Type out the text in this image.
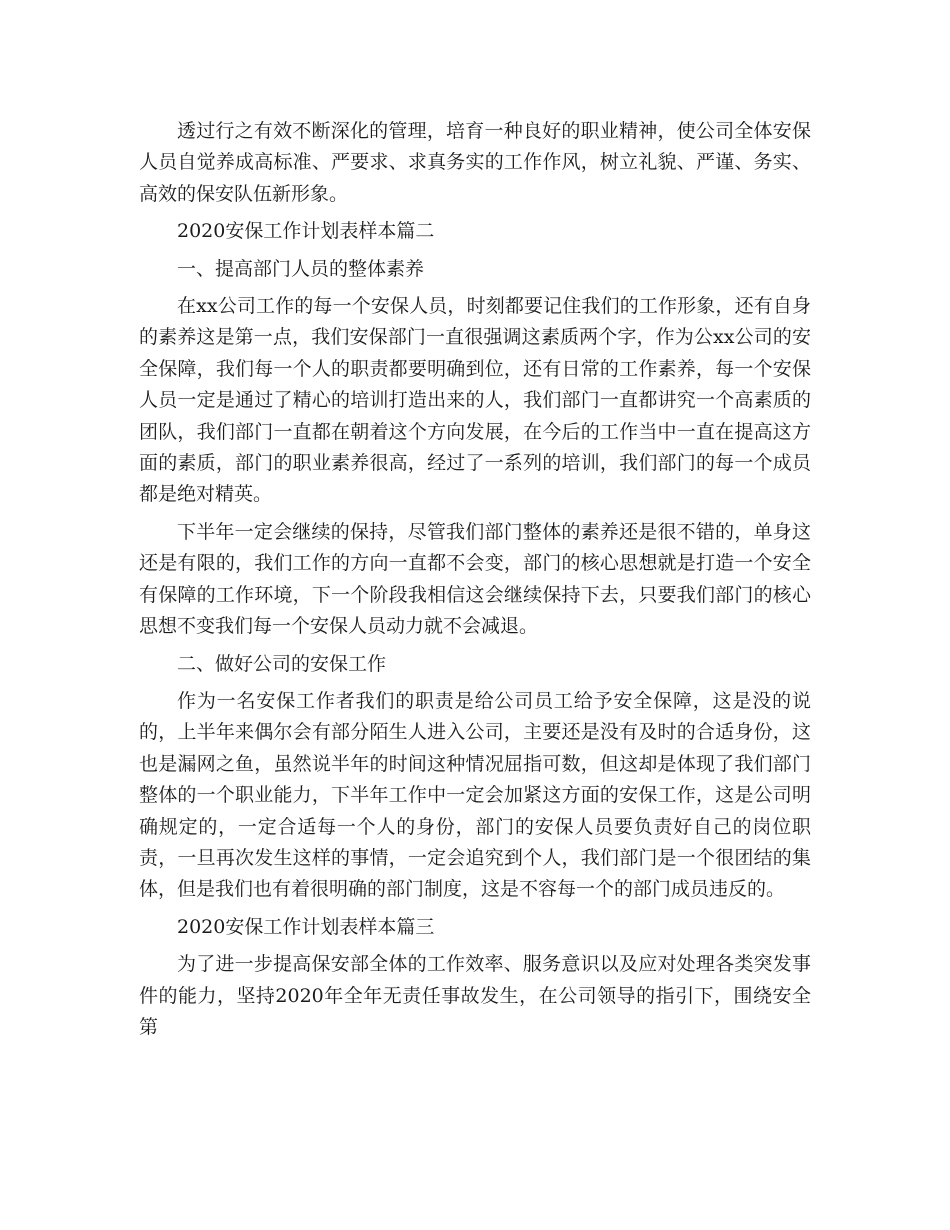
透过行之有效不断深化的管理，培育一种良好的职业精神，使公司全体安保人员自觉养成高标准、严要求、求真务实的工作作风，树立礼貌、严谨、务实、高效的保安队伍新形象。

2020安保工作计划表样本篇二

一、提高部门人员的整体素养

在xx公司工作的每一个安保人员，时刻都要记住我们的工作形象，还有自身的素养这是第一点，我们安保部门一直很强调这素质两个字，作为公xx公司的安全保障，我们每一个人的职责都要明确到位，还有日常的工作素养，每一个安保人员一定是通过了精心的培训打造出来的人，我们部门一直都讲究一个高素质的团队，我们部门一直都在朝着这个方向发展，在今后的工作当中一直在提高这方面的素质，部门的职业素养很高，经过了一系列的培训，我们部门的每一个成员都是绝对精英。

下半年一定会继续的保持，尽管我们部门整体的素养还是很不错的，单身这还是有限的，我们工作的方向一直都不会变，部门的核心思想就是打造一个安全有保障的工作环境，下一个阶段我相信这会继续保持下去，只要我们部门的核心思想不变我们每一个安保人员动力就不会减退。

二、做好公司的安保工作

作为一名安保工作者我们的职责是给公司员工给予安全保障，这是没的说的，上半年来偶尔会有部分陌生人进入公司，主要还是没有及时的合适身份，这也是漏网之鱼，虽然说半年的时间这种情况屈指可数，但这却是体现了我们部门整体的一个职业能力，下半年工作中一定会加紧这方面的安保工作，这是公司明确规定的，一定合适每一个人的身份，部门的安保人员要负责好自己的岗位职责，一旦再次发生这样的事情，一定会追究到个人，我们部门是一个很团结的集体，但是我们也有着很明确的部门制度，这是不容每一个的部门成员违反的。

2020安保工作计划表样本篇三

为了进一步提高保安部全体的工作效率、服务意识以及应对处理各类突发事件的能力，坚持2020年全年无责任事故发生，在公司领导的指引下，围绕安全第
